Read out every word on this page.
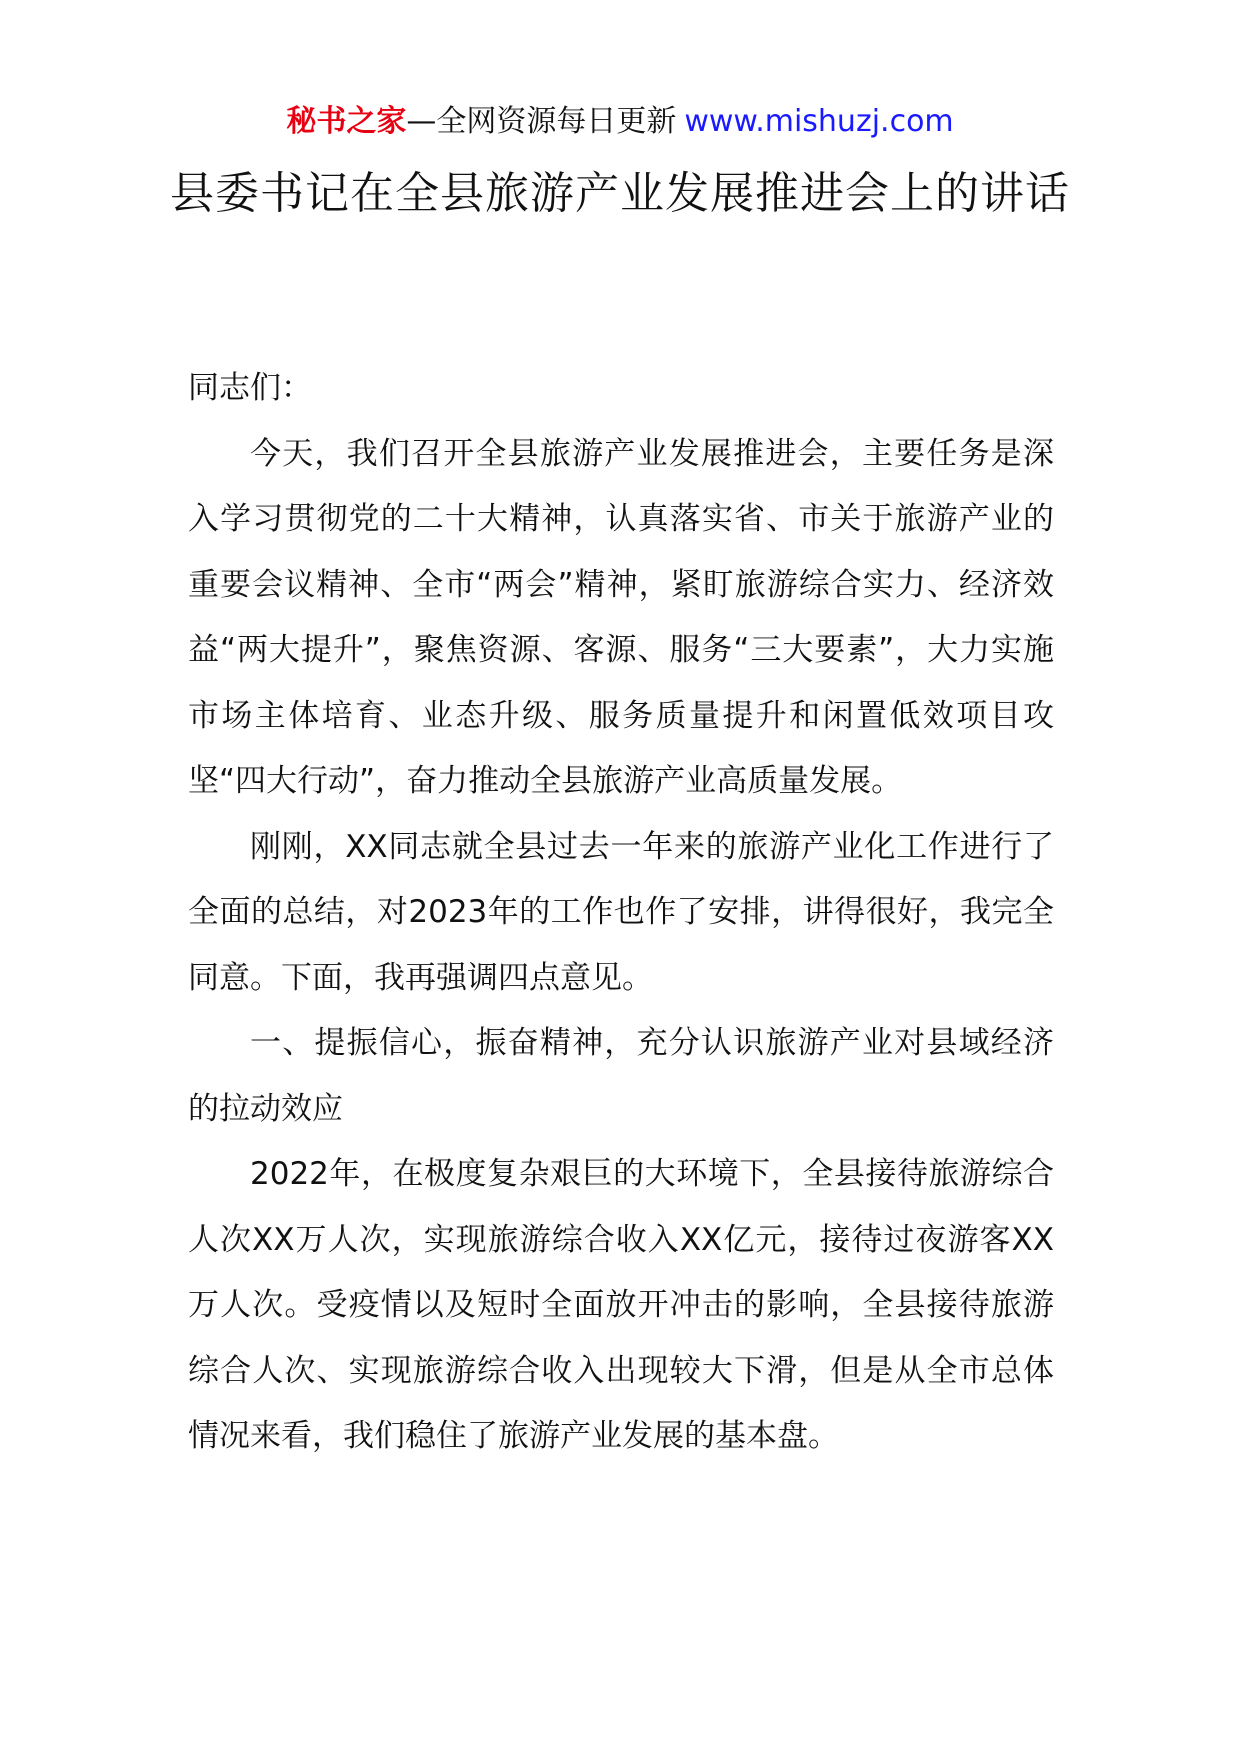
秘书之家—全网资源每日更新 www.mishuzj.com
县委书记在全县旅游产业发展推进会上的讲话

同志们：

今天，我们召开全县旅游产业发展推进会，主要任务是深入学习贯彻党的二十大精神，认真落实省、市关于旅游产业的重要会议精神、全市“两会”精神，紧盯旅游综合实力、经济效益“两大提升”，聚焦资源、客源、服务“三大要素”，大力实施市场主体培育、业态升级、服务质量提升和闲置低效项目攻坚“四大行动”，奋力推动全县旅游产业高质量发展。

刚刚，XX同志就全县过去一年来的旅游产业化工作进行了全面的总结，对2023年的工作也作了安排，讲得很好，我完全同意。下面，我再强调四点意见。

一、提振信心，振奋精神，充分认识旅游产业对县域经济的拉动效应

2022年，在极度复杂艰巨的大环境下，全县接待旅游综合人次XX万人次，实现旅游综合收入XX亿元，接待过夜游客XX万人次。受疫情以及短时全面放开冲击的影响，全县接待旅游综合人次、实现旅游综合收入出现较大下滑，但是从全市总体情况来看，我们稳住了旅游产业发展的基本盘。
